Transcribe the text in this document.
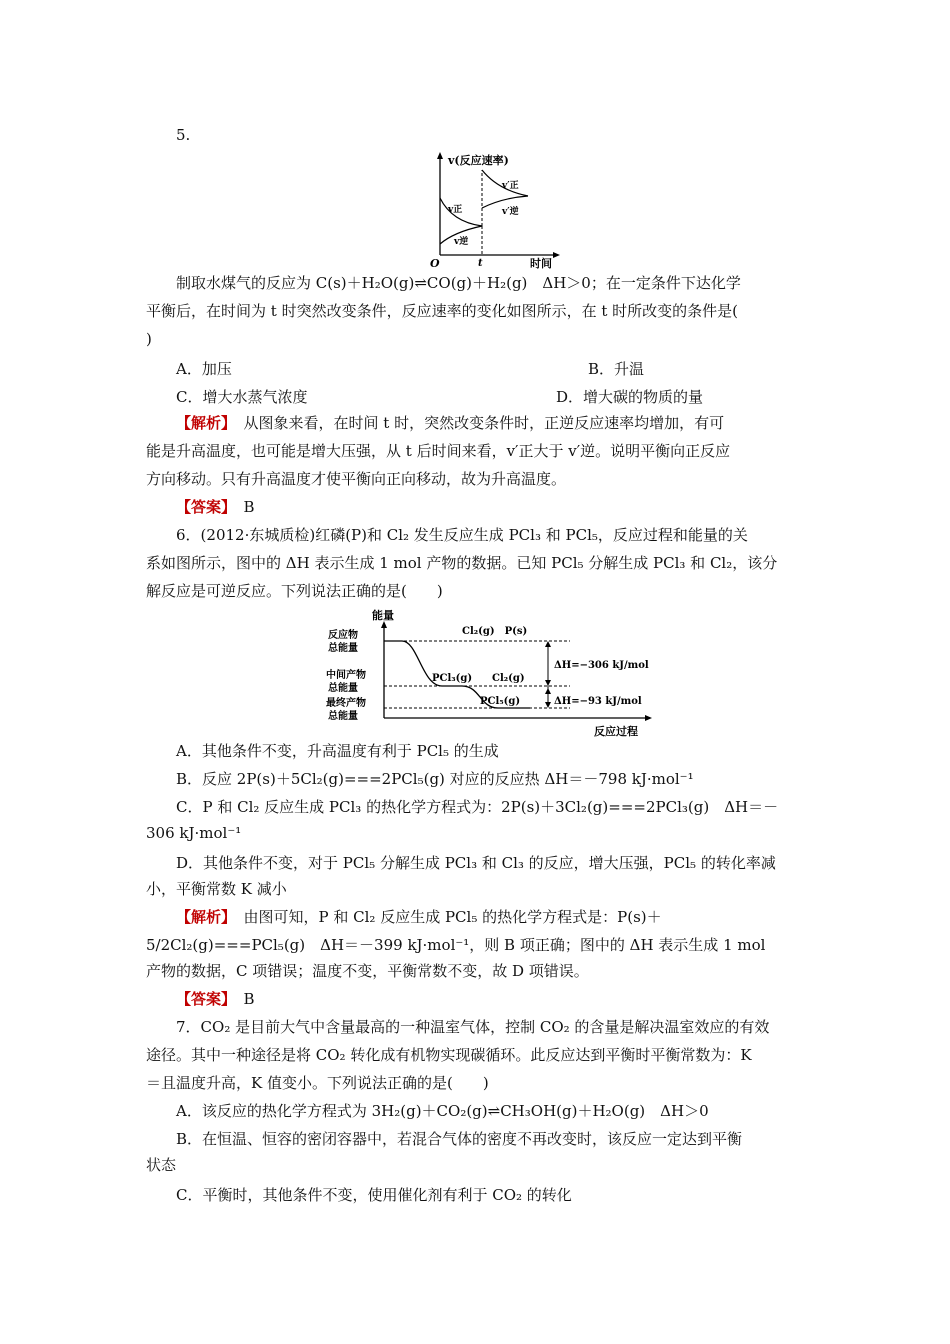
5.
v(反应速率)
时间
O	t
v正
v逆
v′正
v′逆
制取水煤气的反应为 C(s)＋H₂O(g)⇌CO(g)＋H₂(g)　ΔH＞0；在一定条件下达化学
平衡后，在时间为 t 时突然改变条件，反应速率的变化如图所示，在 t 时所改变的条件是(
)
A．加压	B．升温
C．增大水蒸气浓度	D．增大碳的物质的量
【解析】　从图象来看，在时间 t 时，突然改变条件时，正逆反应速率均增加，有可
能是升高温度，也可能是增大压强，从 t 后时间来看，v′正大于 v′逆。说明平衡向正反应
方向移动。只有升高温度才使平衡向正向移动，故为升高温度。
【答案】　B
6．(2012·东城质检)红磷(P)和 Cl₂ 发生反应生成 PCl₃ 和 PCl₅，反应过程和能量的关
系如图所示，图中的 ΔH 表示生成 1 mol 产物的数据。已知 PCl₅ 分解生成 PCl₃ 和 Cl₂，该分
解反应是可逆反应。下列说法正确的是(　　)
能量
反应过程
反应物
总能量
中间产物
总能量
最终产物
总能量
Cl₂(g)　P(s)
PCl₃(g) Cl₂(g)
PCl₅(g)
ΔH=−306 kJ/mol
ΔH=−93 kJ/mol
A．其他条件不变，升高温度有利于 PCl₅ 的生成
B．反应 2P(s)＋5Cl₂(g)===2PCl₅(g) 对应的反应热 ΔH＝－798 kJ·mol⁻¹
C．P 和 Cl₂ 反应生成 PCl₃ 的热化学方程式为：2P(s)＋3Cl₂(g)===2PCl₃(g)　ΔH＝－
306 kJ·mol⁻¹
D．其他条件不变，对于 PCl₅ 分解生成 PCl₃ 和 Cl₃ 的反应，增大压强，PCl₅ 的转化率减
小，平衡常数 K 减小
【解析】　由图可知，P 和 Cl₂ 反应生成 PCl₅ 的热化学方程式是：P(s)＋
5/2Cl₂(g)===PCl₅(g)　ΔH＝－399 kJ·mol⁻¹，则 B 项正确；图中的 ΔH 表示生成 1 mol
产物的数据，C 项错误；温度不变，平衡常数不变，故 D 项错误。
【答案】　B
7．CO₂ 是目前大气中含量最高的一种温室气体，控制 CO₂ 的含量是解决温室效应的有效
途径。其中一种途径是将 CO₂ 转化成有机物实现碳循环。此反应达到平衡时平衡常数为：K
＝且温度升高，K 值变小。下列说法正确的是(　　)
A．该反应的热化学方程式为 3H₂(g)＋CO₂(g)⇌CH₃OH(g)＋H₂O(g)　ΔH＞0
B．在恒温、恒容的密闭容器中，若混合气体的密度不再改变时，该反应一定达到平衡
状态
C．平衡时，其他条件不变，使用催化剂有利于 CO₂ 的转化
